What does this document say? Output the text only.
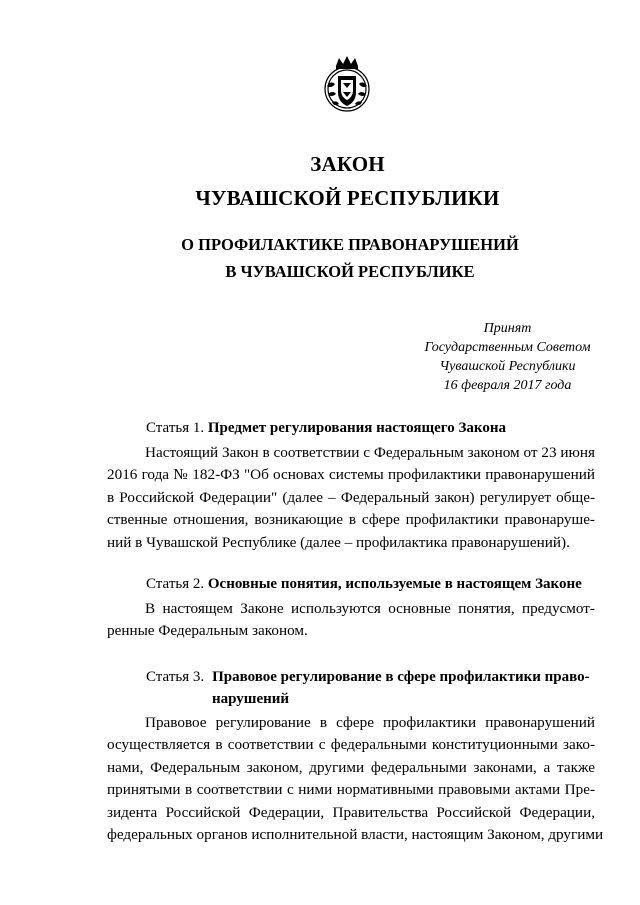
ЗАКОН
ЧУВАШСКОЙ РЕСПУБЛИКИ
О ПРОФИЛАКТИКЕ ПРАВОНАРУШЕНИЙ
В ЧУВАШСКОЙ РЕСПУБЛИКЕ
Принят
Государственным Советом
Чувашской Республики
16 февраля 2017 года
Статья 1. Предмет регулирования настоящего Закона
Настоящий Закон в соответствии с Федеральным законом от 23 июня
2016 года № 182-ФЗ "Об основах системы профилактики правонарушений
в Российской Федерации" (далее – Федеральный закон) регулирует обще-
ственные отношения, возникающие в сфере профилактики правонаруше-
ний в Чувашской Республике (далее – профилактика правонарушений).
Статья 2. Основные понятия, используемые в настоящем Законе
В настоящем Законе используются основные понятия, предусмот-
ренные Федеральным законом.
Статья 3. Правовое регулирование в сфере профилактики право-
нарушений
Правовое регулирование в сфере профилактики правонарушений
осуществляется в соответствии с федеральными конституционными зако-
нами, Федеральным законом, другими федеральными законами, а также
принятыми в соответствии с ними нормативными правовыми актами Пре-
зидента Российской Федерации, Правительства Российской Федерации,
федеральных органов исполнительной власти, настоящим Законом, другими
